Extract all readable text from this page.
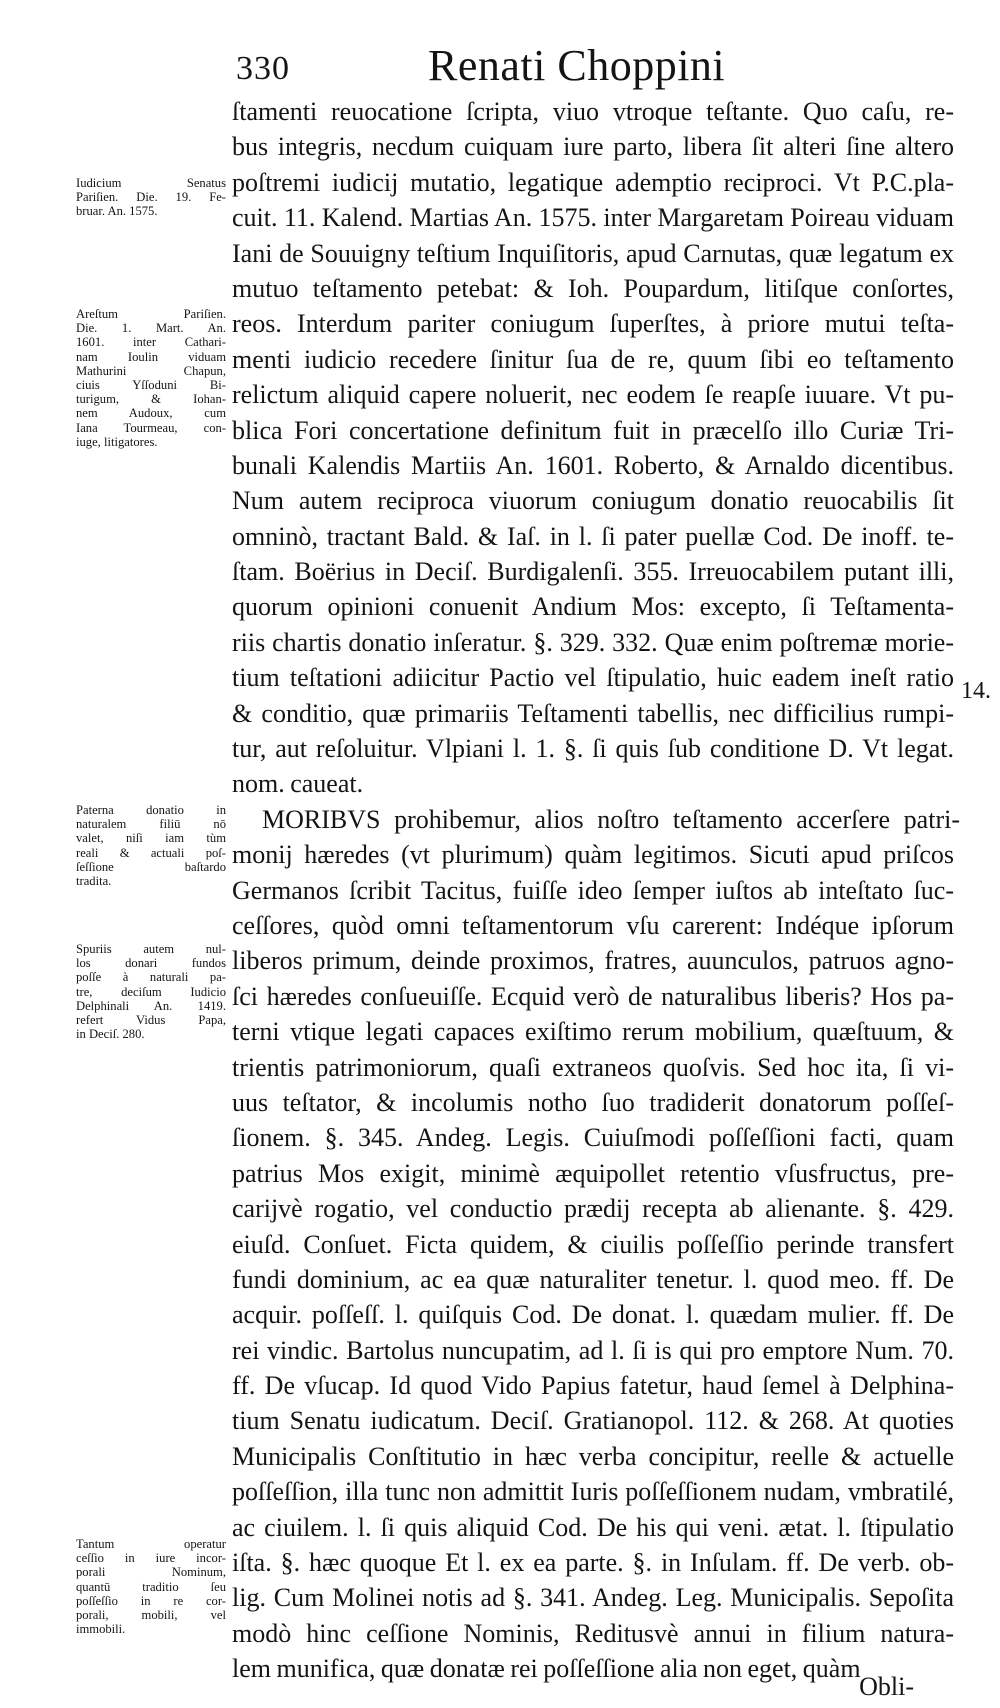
330	Renati Choppini
ſtamenti reuocatione ſcripta, viuo vtroque teſtante. Quo caſu, re-
bus integris, necdum cuiquam iure parto, libera ſit alteri ſine altero
poſtremi iudicij mutatio, legatique ademptio reciproci. Vt P.C.pla-
cuit. 11. Kalend. Martias An. 1575. inter Margaretam Poireau viduam
Iani de Souuigny teſtium Inquiſitoris, apud Carnutas, quæ legatum ex
mutuo teſtamento petebat: & Ioh. Poupardum, litiſque conſortes,
reos. Interdum pariter coniugum ſuperſtes, à priore mutui teſta-
menti iudicio recedere ſinitur ſua de re, quum ſibi eo teſtamento
relictum aliquid capere noluerit, nec eodem ſe reapſe iuuare. Vt pu-
blica Fori concertatione definitum fuit in præcelſo illo Curiæ Tri-
bunali Kalendis Martiis An. 1601. Roberto, & Arnaldo dicentibus.
Num autem reciproca viuorum coniugum donatio reuocabilis ſit
omninò, tractant Bald. & Iaſ. in l. ſi pater puellæ Cod. De inoff. te-
ſtam. Boërius in Deciſ. Burdigalenſi. 355. Irreuocabilem putant illi,
quorum opinioni conuenit Andium Mos: excepto, ſi Teſtamenta-
riis chartis donatio inſeratur. §. 329. 332. Quæ enim poſtremæ morie-
tium teſtationi adiicitur Pactio vel ſtipulatio, huic eadem ineſt ratio
& conditio, quæ primariis Teſtamenti tabellis, nec difficilius rumpi-
tur, aut reſoluitur. Vlpiani l. 1. §. ſi quis ſub conditione D. Vt legat.
nom. caueat.
MORIBVS prohibemur, alios noſtro teſtamento accerſere patri-
monij hæredes (vt plurimum) quàm legitimos. Sicuti apud priſcos
Germanos ſcribit Tacitus, fuiſſe ideo ſemper iuſtos ab inteſtato ſuc-
ceſſores, quòd omni teſtamentorum vſu carerent: Indéque ipſorum
liberos primum, deinde proximos, fratres, auunculos, patruos agno-
ſci hæredes conſueuiſſe. Ecquid verò de naturalibus liberis? Hos pa-
terni vtique legati capaces exiſtimo rerum mobilium, quæſtuum, &
trientis patrimoniorum, quaſi extraneos quoſvis. Sed hoc ita, ſi vi-
uus teſtator, & incolumis notho ſuo tradiderit donatorum poſſeſ-
ſionem. §. 345. Andeg. Legis. Cuiuſmodi poſſeſſioni facti, quam
patrius Mos exigit, minimè æquipollet retentio vſusfructus, pre-
carijvè rogatio, vel conductio prædij recepta ab alienante. §. 429.
eiuſd. Conſuet. Ficta quidem, & ciuilis poſſeſſio perinde transfert
fundi dominium, ac ea quæ naturaliter tenetur. l. quod meo. ff. De
acquir. poſſeſſ. l. quiſquis Cod. De donat. l. quædam mulier. ff. De
rei vindic. Bartolus nuncupatim, ad l. ſi is qui pro emptore Num. 70.
ff. De vſucap. Id quod Vido Papius fatetur, haud ſemel à Delphina-
tium Senatu iudicatum. Deciſ. Gratianopol. 112. & 268. At quoties
Municipalis Conſtitutio in hæc verba concipitur, reelle & actuelle
poſſeſſion, illa tunc non admittit Iuris poſſeſſionem nudam, vmbratilé,
ac ciuilem. l. ſi quis aliquid Cod. De his qui veni. ætat. l. ſtipulatio
iſta. §. hæc quoque Et l. ex ea parte. §. in Inſulam. ff. De verb. ob-
lig. Cum Molinei notis ad §. 341. Andeg. Leg. Municipalis. Sepoſita
modò hinc ceſſione Nominis, Reditusvè annui in filium natura-
lem munifica, quæ donatæ rei poſſeſſione alia non eget, quàm
Iudicium Senatus
Pariſien. Die. 19. Fe-
bruar. An. 1575.
Areſtum Pariſien.
Die. 1. Mart. An.
1601. inter Cathari-
nam Ioulin viduam
Mathurini Chapun,
ciuis Yſſoduni Bi-
turigum, & Iohan-
nem Audoux, cum
Iana Tourmeau, con-
iuge, litigatores.
Paterna donatio in
naturalem filiū nō
valet, niſi iam tùm
reali & actuali poſ-
ſeſſione baſtardo
tradita.
Spuriis autem nul-
los donari fundos
poſſe à naturali pa-
tre, deciſum Iudicio
Delphinali An. 1419.
refert Vidus Papa,
in Deciſ. 280.
Tantum operatur
ceſſio in iure incor-
porali Nominum,
quantū traditio ſeu
poſſeſſio in re cor-
porali, mobili, vel
immobili.
14.
Obli-
